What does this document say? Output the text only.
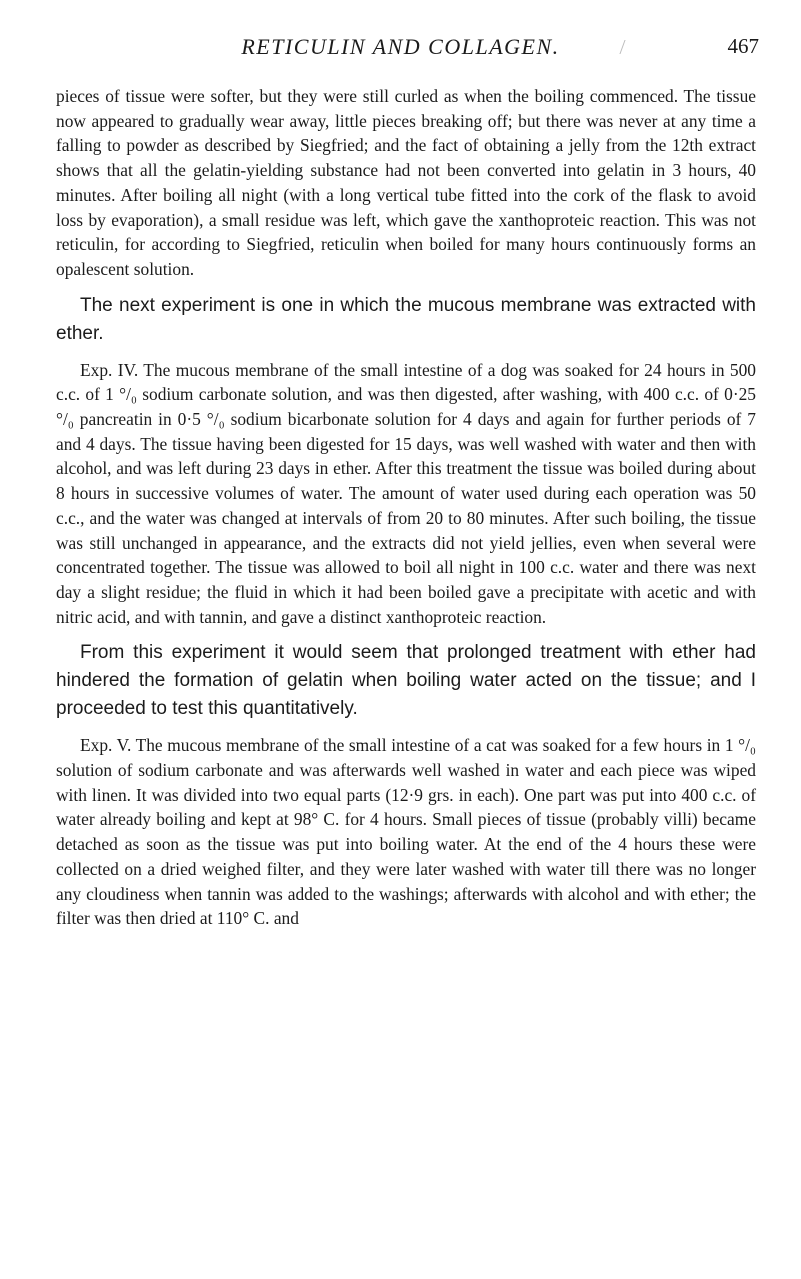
RETICULIN AND COLLAGEN.	467

pieces of tissue were softer, but they were still curled as when the boiling commenced. The tissue now appeared to gradually wear away, little pieces breaking off; but there was never at any time a falling to powder as described by Siegfried; and the fact of obtaining a jelly from the 12th extract shows that all the gelatin-yielding substance had not been converted into gelatin in 3 hours, 40 minutes. After boiling all night (with a long vertical tube fitted into the cork of the flask to avoid loss by evaporation), a small residue was left, which gave the xanthoproteic reaction. This was not reticulin, for according to Siegfried, reticulin when boiled for many hours continuously forms an opalescent solution.

The next experiment is one in which the mucous membrane was extracted with ether.

Exp. IV. The mucous membrane of the small intestine of a dog was soaked for 24 hours in 500 c.c. of 1 °/₀ sodium carbonate solution, and was then digested, after washing, with 400 c.c. of 0·25 °/₀ pancreatin in 0·5 °/₀ sodium bicarbonate solution for 4 days and again for further periods of 7 and 4 days. The tissue having been digested for 15 days, was well washed with water and then with alcohol, and was left during 23 days in ether. After this treatment the tissue was boiled during about 8 hours in successive volumes of water. The amount of water used during each operation was 50 c.c., and the water was changed at intervals of from 20 to 80 minutes. After such boiling, the tissue was still unchanged in appearance, and the extracts did not yield jellies, even when several were concentrated together. The tissue was allowed to boil all night in 100 c.c. water and there was next day a slight residue; the fluid in which it had been boiled gave a precipitate with acetic and with nitric acid, and with tannin, and gave a distinct xanthoproteic reaction.

From this experiment it would seem that prolonged treatment with ether had hindered the formation of gelatin when boiling water acted on the tissue; and I proceeded to test this quantitatively.

Exp. V. The mucous membrane of the small intestine of a cat was soaked for a few hours in 1 °/₀ solution of sodium carbonate and was afterwards well washed in water and each piece was wiped with linen. It was divided into two equal parts (12·9 grs. in each). One part was put into 400 c.c. of water already boiling and kept at 98° C. for 4 hours. Small pieces of tissue (probably villi) became detached as soon as the tissue was put into boiling water. At the end of the 4 hours these were collected on a dried weighed filter, and they were later washed with water till there was no longer any cloudiness when tannin was added to the washings; afterwards with alcohol and with ether; the filter was then dried at 110° C. and
